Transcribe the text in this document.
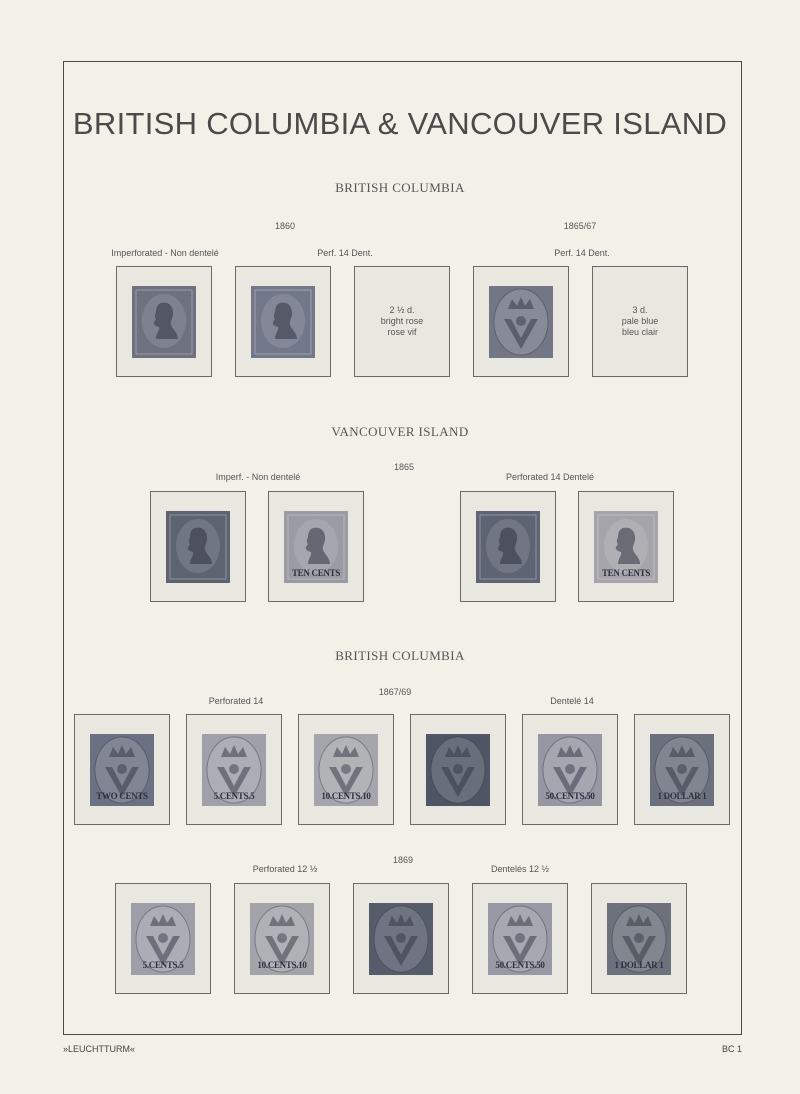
BRITISH COLUMBIA & VANCOUVER ISLAND
BRITISH COLUMBIA
1860	1865/67
Imperforated - Non dentelé	Perf. 14 Dent.	Perf. 14 Dent.
2 ½ d.
bright rose
rose vif
3 d.
pale blue
bleu clair
VANCOUVER ISLAND
1865
Imperf. - Non dentelé	Perforated 14 Dentelé
TEN CENTS	TEN CENTS
BRITISH COLUMBIA
1867/69
Perforated 14	Dentelé 14
TWO CENTS	5.CENTS.5	10.CENTS.10	50.CENTS.50	1 DOLLAR 1
1869
Perforated 12 ½	Dentelés 12 ½
5.CENTS.5	10.CENTS.10	50.CENTS.50	1 DOLLAR 1
»LEUCHTTURM«	BC 1
